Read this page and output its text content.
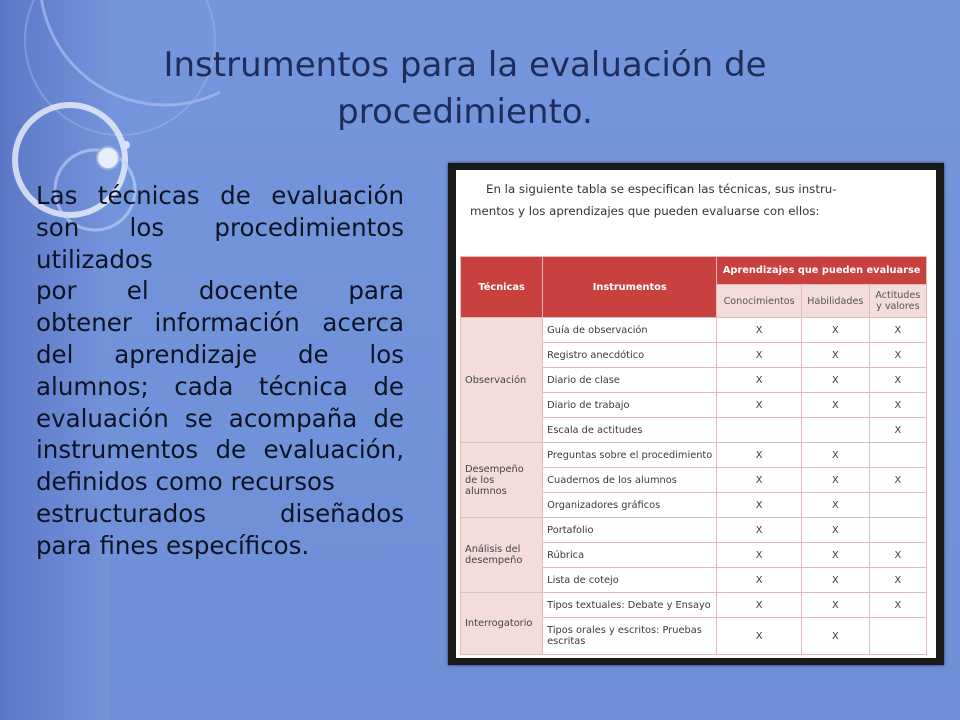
Instrumentos para la evaluación de
procedimiento.
Las técnicas de evaluación
son los procedimientos
utilizados
por el docente para
obtener información acerca
del aprendizaje de los
alumnos; cada técnica de
evaluación se acompaña de
instrumentos de evaluación,
definidos como recursos
estructurados diseñados
para fines específicos.
En la siguiente tabla se especifican las técnicas, sus instru-
mentos y los aprendizajes que pueden evaluarse con ellos:
Técnicas	Instrumentos	Aprendizajes que pueden evaluarse		
		Conocimientos	Habilidades	Actitudes y valores
Observación	Guía de observación	X	X	X
	Registro anecdótico	X	X	X
	Diario de clase	X	X	X
	Diario de trabajo	X	X	X
	Escala de actitudes			X
Desempeño de los alumnos	Preguntas sobre el procedimiento	X	X	
	Cuadernos de los alumnos	X	X	X
	Organizadores gráficos	X	X	
Análisis del desempeño	Portafolio	X	X	
	Rúbrica	X	X	X
	Lista de cotejo	X	X	X
Interrogatorio	Tipos textuales: Debate y Ensayo	X	X	X
	Tipos orales y escritos: Pruebas escritas	X	X	
